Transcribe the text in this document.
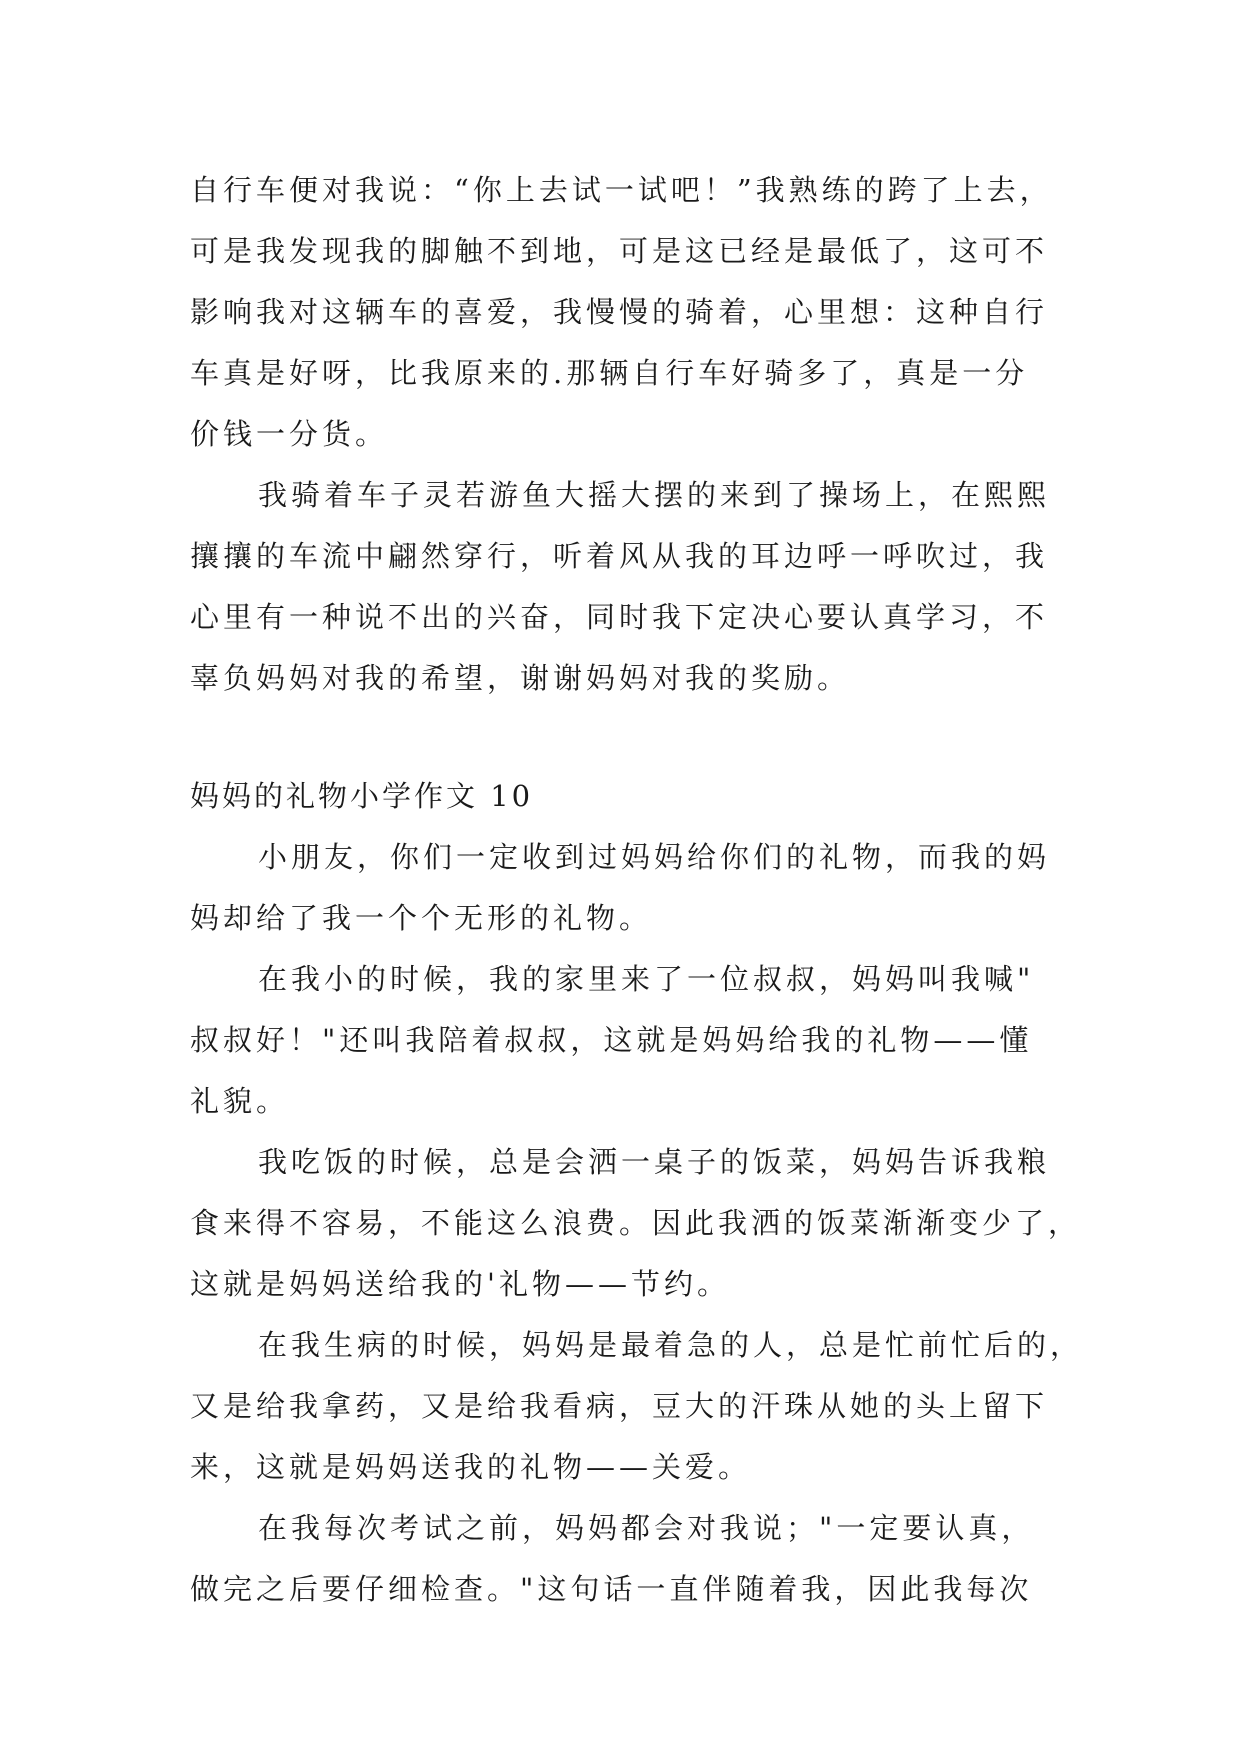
自行车便对我说：“你上去试一试吧！”我熟练的跨了上去，
可是我发现我的脚触不到地，可是这已经是最低了，这可不
影响我对这辆车的喜爱，我慢慢的骑着，心里想：这种自行
车真是好呀，比我原来的.那辆自行车好骑多了，真是一分
价钱一分货。
我骑着车子灵若游鱼大摇大摆的来到了操场上，在熙熙
攘攘的车流中翩然穿行，听着风从我的耳边呼一呼吹过，我
心里有一种说不出的兴奋，同时我下定决心要认真学习，不
辜负妈妈对我的希望，谢谢妈妈对我的奖励。
妈妈的礼物小学作文 10
小朋友，你们一定收到过妈妈给你们的礼物，而我的妈
妈却给了我一个个无形的礼物。
在我小的时候，我的家里来了一位叔叔，妈妈叫我喊"
叔叔好！"还叫我陪着叔叔，这就是妈妈给我的礼物——懂
礼貌。
我吃饭的时候，总是会洒一桌子的饭菜，妈妈告诉我粮
食来得不容易，不能这么浪费。因此我洒的饭菜渐渐变少了，
这就是妈妈送给我的'礼物——节约。
在我生病的时候，妈妈是最着急的人，总是忙前忙后的，
又是给我拿药，又是给我看病，豆大的汗珠从她的头上留下
来，这就是妈妈送我的礼物——关爱。
在我每次考试之前，妈妈都会对我说；"一定要认真，
做完之后要仔细检查。"这句话一直伴随着我，因此我每次
